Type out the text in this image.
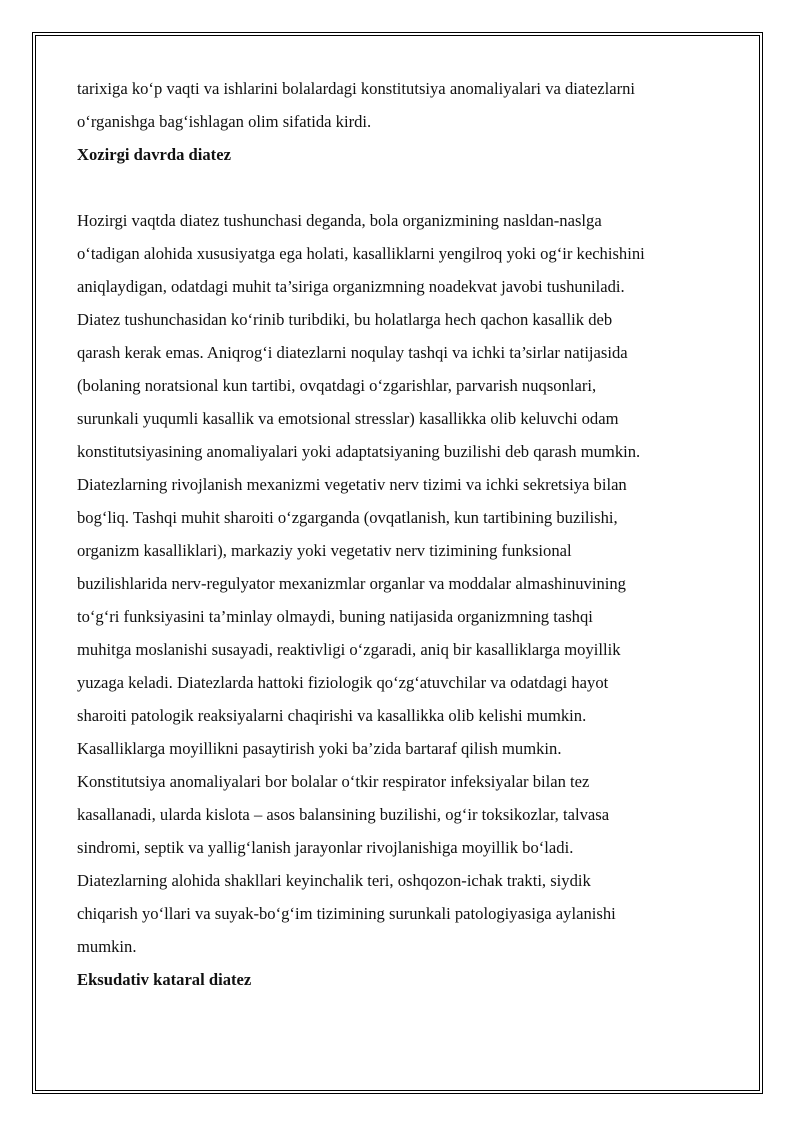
tarixiga ko‘p vaqti va ishlarini bolalardagi konstitutsiya anomaliyalari va diatezlarni
o‘rganishga bag‘ishlagan olim sifatida kirdi.

Xozirgi davrda diatez

Hozirgi vaqtda diatez tushunchasi deganda, bola organizmining nasldan-naslga
o‘tadigan alohida xususiyatga ega holati, kasalliklarni yengilroq yoki og‘ir kechishini
aniqlaydigan, odatdagi muhit ta’siriga organizmning noadekvat javobi tushuniladi.
Diatez tushunchasidan ko‘rinib turibdiki, bu holatlarga hech qachon kasallik deb
qarash kerak emas. Aniqrog‘i diatezlarni noqulay tashqi va ichki ta’sirlar natijasida
(bolaning noratsional kun tartibi, ovqatdagi o‘zgarishlar, parvarish nuqsonlari,
surunkali yuqumli kasallik va emotsional stresslar) kasallikka olib keluvchi odam
konstitutsiyasining anomaliyalari yoki adaptatsiyaning buzilishi deb qarash mumkin.
Diatezlarning rivojlanish mexanizmi vegetativ nerv tizimi va ichki sekretsiya bilan
bog‘liq. Tashqi muhit sharoiti o‘zgarganda (ovqatlanish, kun tartibining buzilishi,
organizm kasalliklari), markaziy yoki vegetativ nerv tizimining funksional
buzilishlarida nerv-regulyator mexanizmlar organlar va moddalar almashinuvining
to‘g‘ri funksiyasini ta’minlay olmaydi, buning natijasida organizmning tashqi
muhitga moslanishi susayadi, reaktivligi o‘zgaradi, aniq bir kasalliklarga moyillik
yuzaga keladi. Diatezlarda hattoki fiziologik qo‘zg‘atuvchilar va odatdagi hayot
sharoiti patologik reaksiyalarni chaqirishi va kasallikka olib kelishi mumkin.
Kasalliklarga moyillikni pasaytirish yoki ba’zida bartaraf qilish mumkin.
Konstitutsiya anomaliyalari bor bolalar o‘tkir respirator infeksiyalar bilan tez
kasallanadi, ularda kislota – asos balansining buzilishi, og‘ir toksikozlar, talvasa
sindromi, septik va yallig‘lanish jarayonlar rivojlanishiga moyillik bo‘ladi.
Diatezlarning alohida shakllari keyinchalik teri, oshqozon-ichak trakti, siydik
chiqarish yo‘llari va suyak-bo‘g‘im tizimining surunkali patologiyasiga aylanishi
mumkin.

Eksudativ kataral diatez
